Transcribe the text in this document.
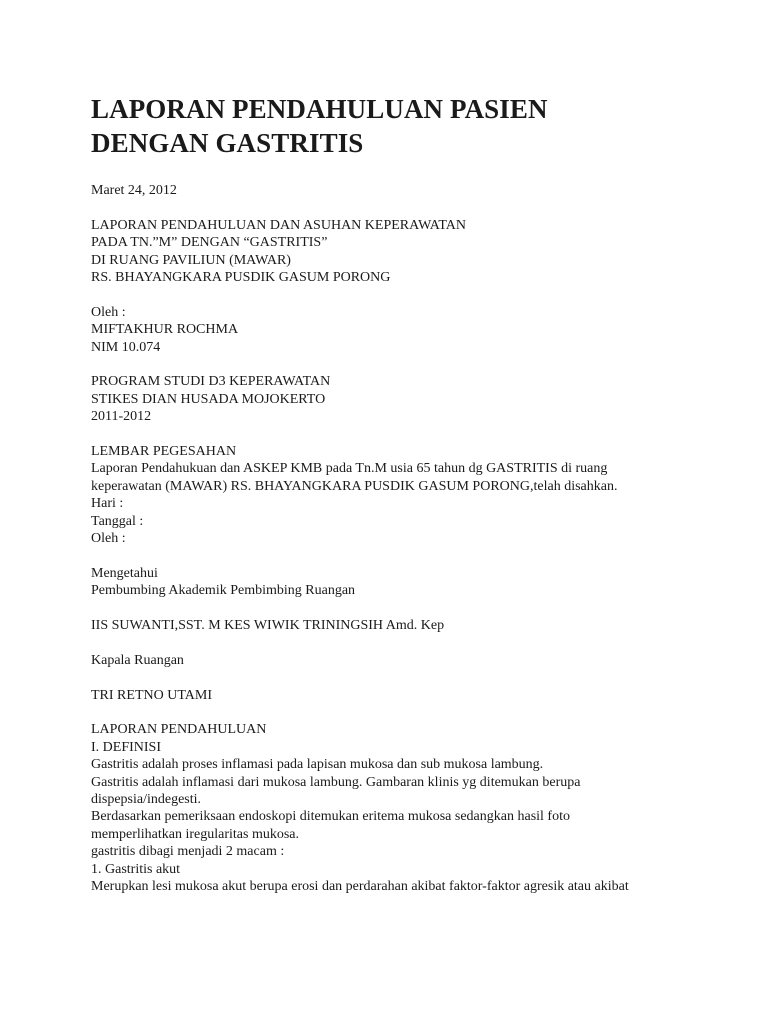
LAPORAN PENDAHULUAN PASIEN
DENGAN GASTRITIS
Maret 24, 2012
LAPORAN PENDAHULUAN DAN ASUHAN KEPERAWATAN
PADA TN.”M” DENGAN “GASTRITIS”
DI RUANG PAVILIUN (MAWAR)
RS. BHAYANGKARA PUSDIK GASUM PORONG
Oleh :
MIFTAKHUR ROCHMA
NIM 10.074
PROGRAM STUDI D3 KEPERAWATAN
STIKES DIAN HUSADA MOJOKERTO
2011-2012
LEMBAR PEGESAHAN
Laporan Pendahukuan dan ASKEP KMB pada Tn.M usia 65 tahun dg GASTRITIS di ruang
keperawatan (MAWAR) RS. BHAYANGKARA PUSDIK GASUM PORONG,telah disahkan.
Hari :
Tanggal :
Oleh :
Mengetahui
Pembumbing Akademik Pembimbing Ruangan
IIS SUWANTI,SST. M KES WIWIK TRININGSIH Amd. Kep
Kapala Ruangan
TRI RETNO UTAMI
LAPORAN PENDAHULUAN
I. DEFINISI
Gastritis adalah proses inflamasi pada lapisan mukosa dan sub mukosa lambung.
Gastritis adalah inflamasi dari mukosa lambung. Gambaran klinis yg ditemukan berupa
dispepsia/indegesti.
Berdasarkan pemeriksaan endoskopi ditemukan eritema mukosa sedangkan hasil foto
memperlihatkan iregularitas mukosa.
gastritis dibagi menjadi 2 macam :
1. Gastritis akut
Merupkan lesi mukosa akut berupa erosi dan perdarahan akibat faktor-faktor agresik atau akibat
